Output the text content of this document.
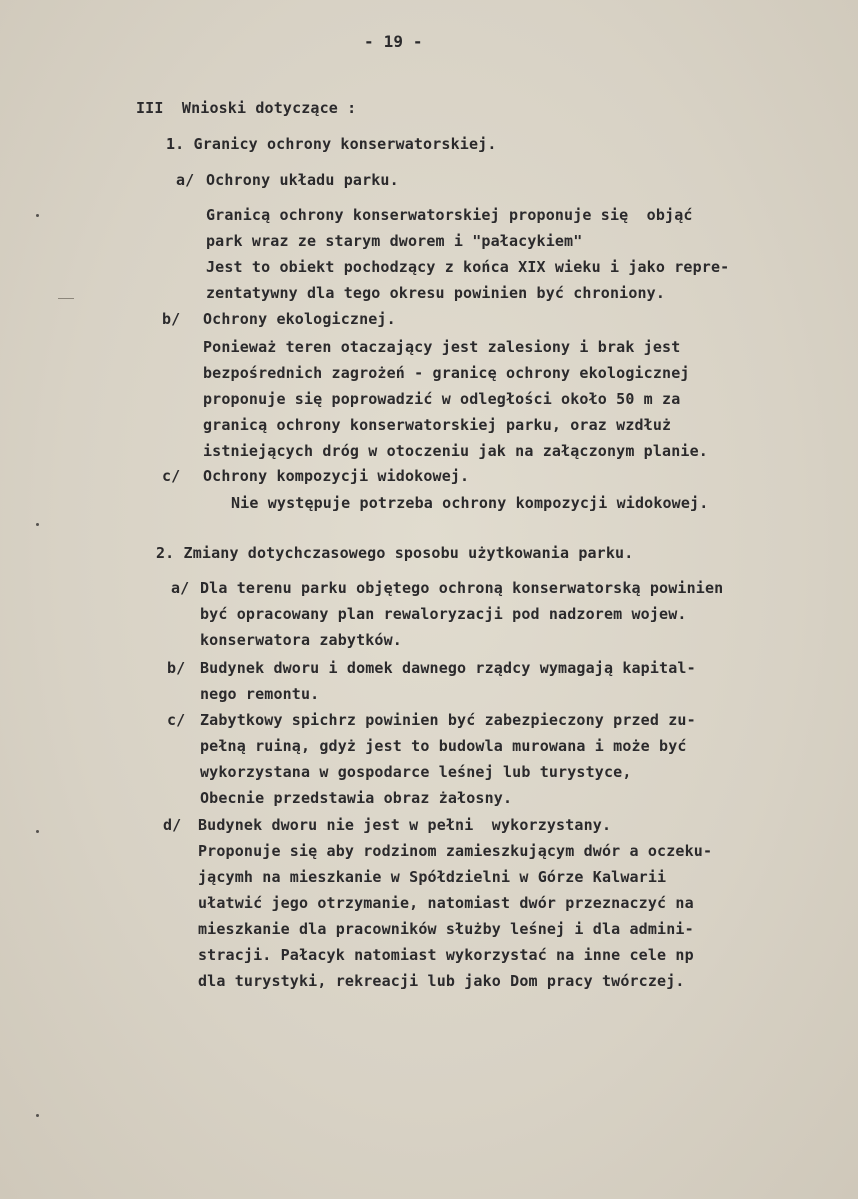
- 19 -
III  Wnioski dotyczące :
1. Granicy ochrony konserwatorskiej.
a/ Ochrony układu parku.
Granicą ochrony konserwatorskiej proponuje się  objąć
park wraz ze starym dworem i "pałacykiem"
Jest to obiekt pochodzący z końca XIX wieku i jako repre-
zentatywny dla tego okresu powinien być chroniony.
b/ Ochrony ekologicznej.
Ponieważ teren otaczający jest zalesiony i brak jest
bezpośrednich zagrożeń - granicę ochrony ekologicznej
proponuje się poprowadzić w odległości około 50 m za
granicą ochrony konserwatorskiej parku, oraz wzdłuż
istniejących dróg w otoczeniu jak na załączonym planie.
c/ Ochrony kompozycji widokowej.
Nie występuje potrzeba ochrony kompozycji widokowej.
2. Zmiany dotychczasowego sposobu użytkowania parku.
a/ Dla terenu parku objętego ochroną konserwatorską powinien
być opracowany plan rewaloryzacji pod nadzorem wojew.
konserwatora zabytków.
b/ Budynek dworu i domek dawnego rządcy wymagają kapital-
nego remontu.
c/ Zabytkowy spichrz powinien być zabezpieczony przed zu-
pełną ruiną, gdyż jest to budowla murowana i może być
wykorzystana w gospodarce leśnej lub turystyce,
Obecnie przedstawia obraz żałosny.
d/ Budynek dworu nie jest w pełni  wykorzystany.
Proponuje się aby rodzinom zamieszkującym dwór a oczeku-
jącymh na mieszkanie w Spółdzielni w Górze Kalwarii
ułatwić jego otrzymanie, natomiast dwór przeznaczyć na
mieszkanie dla pracowników służby leśnej i dla admini-
stracji. Pałacyk natomiast wykorzystać na inne cele np
dla turystyki, rekreacji lub jako Dom pracy twórczej.
